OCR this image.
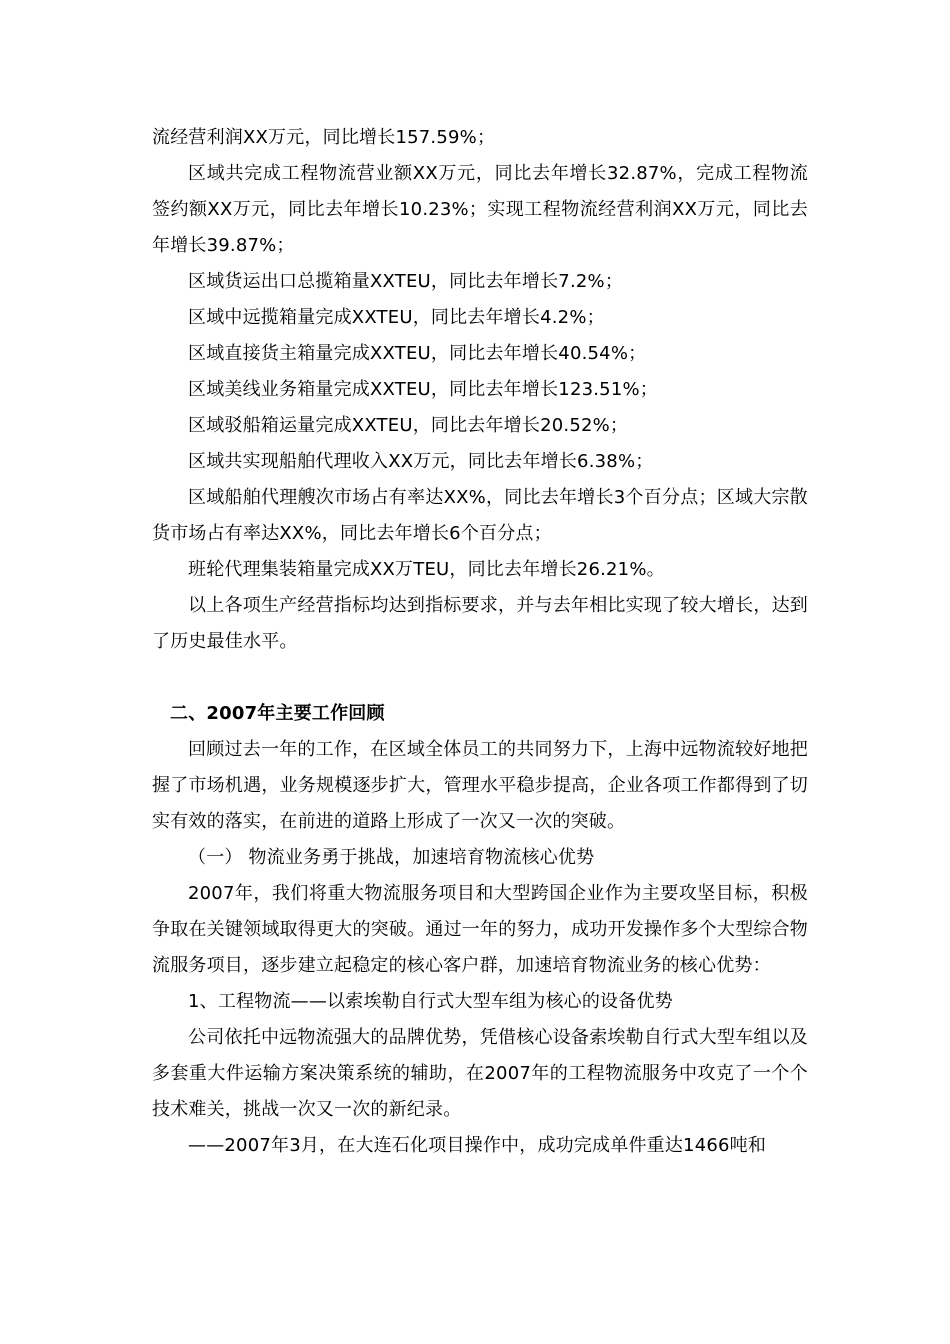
流经营利润XX万元，同比增长157.59%；

区域共完成工程物流营业额XX万元，同比去年增长32.87%，完成工程物流签约额XX万元，同比去年增长10.23%；实现工程物流经营利润XX万元，同比去年增长39.87%；

区域货运出口总揽箱量XXTEU，同比去年增长7.2%；

区域中远揽箱量完成XXTEU，同比去年增长4.2%；

区域直接货主箱量完成XXTEU，同比去年增长40.54%；

区域美线业务箱量完成XXTEU，同比去年增长123.51%；

区域驳船箱运量完成XXTEU，同比去年增长20.52%；

区域共实现船舶代理收入XX万元，同比去年增长6.38%；

区域船舶代理艘次市场占有率达XX%，同比去年增长3个百分点；区域大宗散货市场占有率达XX%，同比去年增长6个百分点；

班轮代理集装箱量完成XX万TEU，同比去年增长26.21%。

以上各项生产经营指标均达到指标要求，并与去年相比实现了较大增长，达到了历史最佳水平。

二、2007年主要工作回顾

回顾过去一年的工作，在区域全体员工的共同努力下，上海中远物流较好地把握了市场机遇，业务规模逐步扩大，管理水平稳步提高，企业各项工作都得到了切实有效的落实，在前进的道路上形成了一次又一次的突破。

（一） 物流业务勇于挑战，加速培育物流核心优势

2007年，我们将重大物流服务项目和大型跨国企业作为主要攻坚目标，积极争取在关键领域取得更大的突破。通过一年的努力，成功开发操作多个大型综合物流服务项目，逐步建立起稳定的核心客户群，加速培育物流业务的核心优势：

1、工程物流——以索埃勒自行式大型车组为核心的设备优势

公司依托中远物流强大的品牌优势，凭借核心设备索埃勒自行式大型车组以及多套重大件运输方案决策系统的辅助，在2007年的工程物流服务中攻克了一个个技术难关，挑战一次又一次的新纪录。

——2007年3月，在大连石化项目操作中，成功完成单件重达1466吨和
